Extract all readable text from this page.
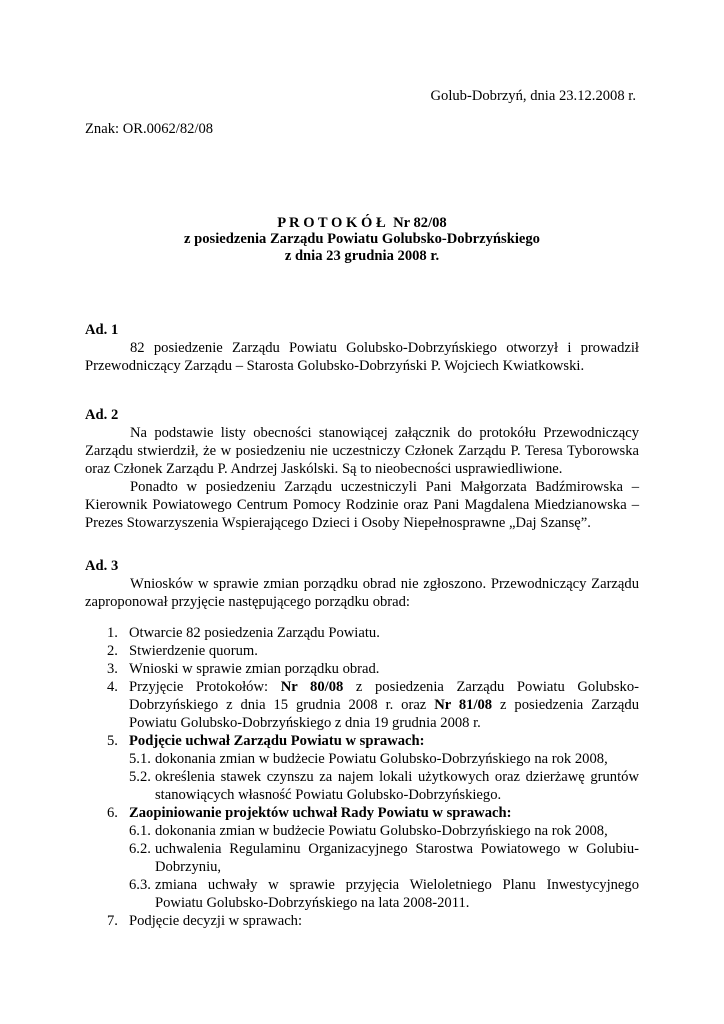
Golub-Dobrzyń, dnia 23.12.2008 r.
Znak: OR.0062/82/08
P R O T O K Ó Ł  Nr 82/08
z posiedzenia Zarządu Powiatu Golubsko-Dobrzyńskiego
z dnia 23 grudnia 2008 r.
Ad. 1

82 posiedzenie Zarządu Powiatu Golubsko-Dobrzyńskiego otworzył i prowadził Przewodniczący Zarządu – Starosta Golubsko-Dobrzyński P. Wojciech Kwiatkowski.

Ad. 2

Na podstawie listy obecności stanowiącej załącznik do protokółu Przewodniczący Zarządu stwierdził, że w posiedzeniu nie uczestniczy Członek Zarządu P. Teresa Tyborowska oraz Członek Zarządu P. Andrzej Jaskólski. Są to nieobecności usprawiedliwione.

Ponadto w posiedzeniu Zarządu uczestniczyli Pani Małgorzata Badźmirowska – Kierownik Powiatowego Centrum Pomocy Rodzinie oraz Pani Magdalena Miedzianowska – Prezes Stowarzyszenia Wspierającego Dzieci i Osoby Niepełnosprawne „Daj Szansę”.

Ad. 3

Wniosków w sprawie zmian porządku obrad nie zgłoszono. Przewodniczący Zarządu zaproponował przyjęcie następującego porządku obrad:

1. Otwarcie 82 posiedzenia Zarządu Powiatu.
2. Stwierdzenie quorum.
3. Wnioski w sprawie zmian porządku obrad.
4. Przyjęcie Protokołów: Nr 80/08 z posiedzenia Zarządu Powiatu Golubsko-Dobrzyńskiego z dnia 15 grudnia 2008 r. oraz Nr 81/08 z posiedzenia Zarządu Powiatu Golubsko-Dobrzyńskiego z dnia 19 grudnia 2008 r.
5. Podjęcie uchwał Zarządu Powiatu w sprawach:
5.1. dokonania zmian w budżecie Powiatu Golubsko-Dobrzyńskiego na rok 2008,
5.2. określenia stawek czynszu za najem lokali użytkowych oraz dzierżawę gruntów stanowiących własność Powiatu Golubsko-Dobrzyńskiego.
6. Zaopiniowanie projektów uchwał Rady Powiatu w sprawach:
6.1. dokonania zmian w budżecie Powiatu Golubsko-Dobrzyńskiego na rok 2008,
6.2. uchwalenia Regulaminu Organizacyjnego Starostwa Powiatowego w Golubiu-Dobrzyniu,
6.3. zmiana uchwały w sprawie przyjęcia Wieloletniego Planu Inwestycyjnego Powiatu Golubsko-Dobrzyńskiego na lata 2008-2011.
7. Podjęcie decyzji w sprawach:
